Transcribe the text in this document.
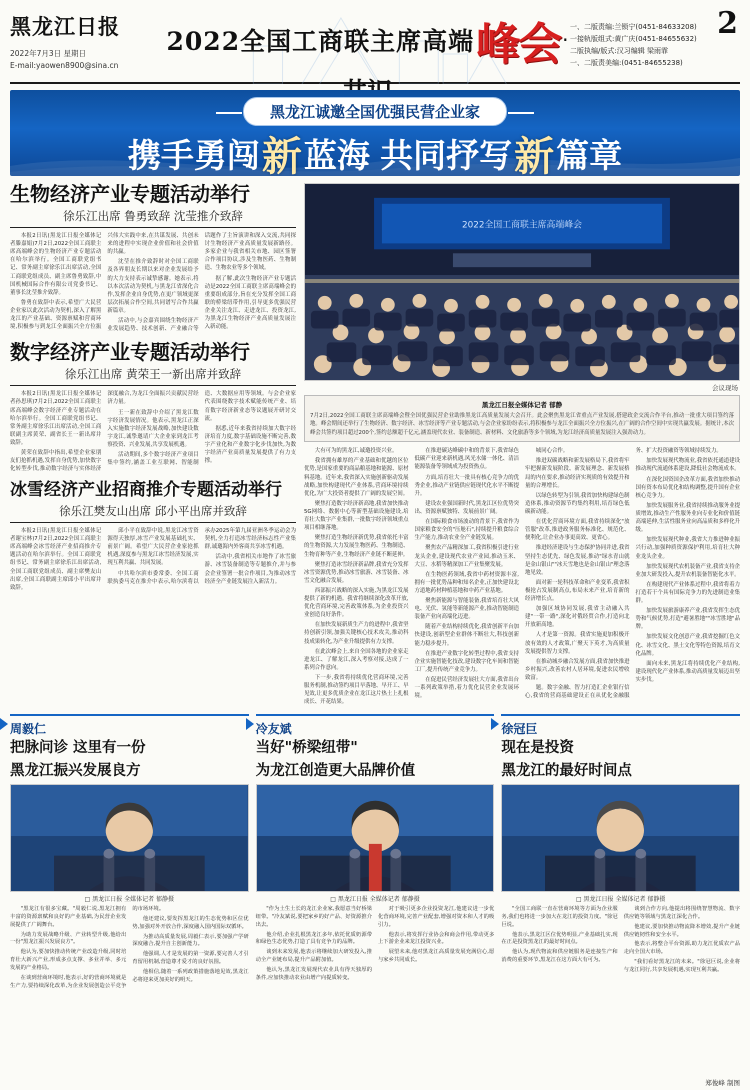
黑龙江日报
2022年7月3日 星期日
E-mail:yaowen8900@sina.cn
2022全国工商联主席高端峰会 ·
一、二版责编:兰锁宁(0451-84633208)
一接轨版组式:黄广庆(0451-84655632)
二版执编/版式:汉习编辑 梁雨霏
一、二版责美编:(0451-84655238)
2
黑龙江诚邀全国优强民营企业家
携手勇闯新蓝海 共同抒写新篇章
生物经济产业专题活动举行
徐乐江出席 鲁勇致辞 沈莹推介致辞

本报2日讯(黑龙江日报全媒体记者滕嘉娟)7月2日,2022全国工商联主席高端峰会的生物经济产业专题活动在哈尔滨举行。全国工商联党组书记、常务副主席徐乐江出席活动,全国工商联党组成员、副主席鲁勇致辞,中国机械国际合作有限公司党委书记、董事长沈莹推介致辞。

鲁勇在致辞中表示,希望广大民营企业家以此次活动为契机,深入了解黑龙江的产业基础、资源禀赋和营商环境,积极参与到龙江全面振兴全方位振兴伟大实践中来,在共谋发展、共创未来的进程中实现企业价值和社会价值的共赢。

沈莹在推介致辞时对全国工商联及各界朋友长期以来对企业发展给予的大力支持表示诚挚感谢。她表示,将以本次活动为契机,与黑龙江省深化合作,发挥企业自身优势,在更广领域更深层次拓展合作空间,共同谱写合作共赢新篇章。

活动中,与会嘉宾围绕生物经济产业发展趋势、技术创新、产业融合等话题作了主旨演讲和深入交流,共同探讨生物经济产业高质量发展新路径。多家企业与我省相关市地、园区签署合作项目协议,涉及生物医药、生物制造、生物农业等多个领域。

据了解,此次生物经济产业专题活动是2022全国工商联主席高端峰会的重要组成部分,旨在充分发挥全国工商联的桥梁纽带作用,引导更多优强民营企业关注龙江、走进龙江、投资龙江,为黑龙江生物经济产业高质量发展注入新动能。

数字经济产业专题活动举行
徐乐江出席 黄荣王一新出席并致辞

本报2日讯(黑龙江日报全媒体记者孙思琪)7月2日,2022全国工商联主席高端峰会数字经济产业专题活动在哈尔滨举行。全国工商联党组书记、常务副主席徐乐江出席活动,全国工商联副主席黄荣、副省长王一新出席并致辞。

黄荣在致辞中指出,希望企业家朋友们抢抓机遇,发挥自身优势,加快数字化转型步伐,推动数字经济与实体经济深度融合,为龙江全面振兴贡献民营经济力量。

王一新在致辞中介绍了黑龙江数字经济发展情况。他表示,黑龙江正深入实施数字经济发展战略,加快建设数字龙江,诚挚邀请广大企业家到龙江考察投资、兴业发展,共享发展机遇。

活动期间,多个数字经济产业项目集中签约,涵盖工业互联网、智能制造、大数据应用等领域。与会企业家代表围绕数字技术赋能传统产业、培育数字经济新业态等议题展开研讨交流。

据悉,近年来我省持续加大数字经济培育力度,数字基础设施不断完善,数字产业化和产业数字化步伐加快,为数字经济产业高质量发展提供了有力支撑。

冰雪经济产业招商推介专题活动举行
徐乐江樊友山出席 邱小平出席并致辞

本报2日讯(黑龙江日报全媒体记者谢宝林)7月2日,2022全国工商联主席高端峰会冰雪经济产业招商推介专题活动在哈尔滨举行。全国工商联党组书记、常务副主席徐乐江出席活动,全国工商联党组成员、副主席樊友山出席,全国工商联副主席邱小平出席并致辞。

邱小平在致辞中说,黑龙江冰雪资源得天独厚,冰雪产业发展基础扎实、前景广阔。希望广大民营企业家抢抓机遇,深度参与黑龙江冰雪经济发展,实现互利共赢、共同发展。

中共哈尔滨市委常委、全国工商联执委马克在推介中表示,哈尔滨将以承办2025年第九届亚洲冬季运动会为契机,全力打造冰雪经济标志性产业集群,诚邀海内外客商共享冰雪机遇。

活动中,我省相关市地作了冰雪旅游、冰雪装备制造等专题推介,并与参会企业签署一批合作项目,为推动冰雪经济全产业链发展注入新活力。

2022全国工商联主席高端峰会
会议现场
黑龙江日报全媒体记者 郁静
7月2日,2022全国工商联主席高端峰会暨全国优强民营企业助推黑龙江高质量发展大会召开。此会聚焦黑龙江省重点产业发展,搭建政企交流合作平台,推动一批重大项目签约落地。峰会期间还举行了生物经济、数字经济、冰雪经济等产业专题活动,与会企业家纷纷表示,将积极参与龙江全面振兴全方位振兴,在广阔的合作空间中实现共赢发展。据统计,本次峰会共签约项目超过200个,签约总额超千亿元,涵盖现代农业、装备制造、新材料、文化旅游等多个领域,为龙江经济高质量发展注入强劲动力。

大有可为的黑龙江,诚邀投资兴业。

我省拥有雄厚的产业基础和优越的区位优势,是国家重要的商品粮基地和能源、原材料基地。近年来,我省深入实施创新驱动发展战略,加快构建现代产业体系,营商环境持续优化,为广大投资者提供了广阔的发展空间。

聚焦打造数字经济新高地,我省加快推动5G网络、数据中心等新型基础设施建设,培育壮大数字产业集群,一批数字经济领域重点项目相继落地。

聚焦打造生物经济新优势,我省依托丰富的生物资源,大力发展生物医药、生物制造、生物育种等产业,生物经济产业链不断延伸。

聚焦打造冰雪经济新品牌,我省充分发挥冰雪资源优势,推动冰雪旅游、冰雪装备、冰雪文化融合发展。

西部振兴战略的深入实施,为黑龙江发展提供了新的机遇。我省将继续深化改革开放,优化营商环境,完善政策体系,为企业投资兴业创造良好条件。

在加快发展新质生产力的进程中,我省坚持创新引领,加强关键核心技术攻关,推动科技成果转化,为产业升级提供有力支撑。

在此次峰会上,来自全国各地的企业家走进龙江、了解龙江,深入考察对接,达成了一系列合作意向。

下一步,我省将持续优化营商环境,完善服务机制,推动签约项目早落地、早开工、早见效,让更多优质企业在龙江这片热土上扎根成长、开花结果。

在推进碳达峰碳中和的背景下,我省绿色低碳产业迎来新机遇,风光水储一体化、清洁能源装备等领域成为投资热点。

方面,培育壮大一批具有核心竞争力的优秀企业,推动产业链供应链现代化水平不断提升。

建设农业强国新时代,黑龙江区位优势突出、资源禀赋独特、发展前景广阔。

在国际粮食市场波动的背景下,我省作为国家粮食安全的"压舱石",持续提升粮食综合生产能力,推动农业全产业链发展。

聚焦农产品精深加工,我省积极引进行业龙头企业,建设现代农业产业园,推动玉米、大豆、水稻等精深加工产业集聚发展。

在生物医药领域,我省中药材资源丰富,拥有一批优势品种和知名企业,正加快建设北方道地药材种植基地和中药产业基地。

聚焦新能源与智能装备,我省培育壮大风电、光伏、氢能等新能源产业,推动智能制造装备产业向高端化迈进。

随着产业结构持续优化,我省创新平台加快建设,创新型企业群体不断壮大,科技创新能力稳步提升。

在推进产业数字化转型过程中,我省支持企业实施智能化技改,建设数字化车间和智能工厂,提升传统产业竞争力。

在促进民营经济发展壮大方面,我省出台一系列政策举措,着力优化民营企业发展环境。

城同心合作。

推进双碳战略和新发展格局下,我省将牢牢把握新发展阶段、新发展理念、新发展格局的内在要求,推动经济实现质的有效提升和量的合理增长。

以绿色转型为引领,我省加快构建绿色制造体系,推动资源节约集约利用,培育绿色低碳新动能。

在优化营商环境方面,我省持续深化"放管服"改革,推进政务服务标准化、规范化、便利化,让企业办事更高效、更省心。

推进经济建设与生态保护协同并进,我省坚持生态优先、绿色发展,推动"绿水青山就是金山银山""冰天雪地也是金山银山"理念落地见效。

面对新一轮科技革命和产业变革,我省积极抢占发展制高点,布局未来产业,培育新的经济增长点。

加强区域协同发展,我省主动融入共建"一带一路",深化对俄经贸合作,打造向北开放新高地。

人才是第一资源。我省实施更加积极开放有效的人才政策,广聚天下英才,为高质量发展提供智力支撑。

在推动城乡融合发展方面,我省加快推进乡村振兴,改善农村人居环境,促进农民增收致富。

题。数字金融、智力打造汇企业银行信心,我省的营商基础建设正在从优化金融服务、扩大投资融资等领域持续发力。

加快发展现代物流业,我省依托通道建设推动现代流通体系建设,降低社会物流成本。

在深化国资国企改革方面,我省加快推动国有资本布局优化和结构调整,提升国有企业核心竞争力。

加快发展服务业,我省持续推动服务业提质增效,推动生产性服务业向专业化和价值链高端延伸,生活性服务业向高品质和多样化升级。

加快发展现代种业,我省大力推进种业振兴行动,加强种质资源保护利用,培育壮大种业龙头企业。

加快发展现代农机装备产业,我省支持企业加大研发投入,提升农机装备智能化水平。

在构建现代产业体系过程中,我省将着力打造若干个具有国际竞争力的先进制造业集群。

加快发展旅游康养产业,我省发挥生态优势和气候优势,打造"避暑胜地""冰雪胜地"品牌。

加快发展文化创意产业,我省挖掘红色文化、冰雪文化、黑土文化等特色资源,培育文化品牌。

面向未来,黑龙江将持续优化产业结构,建设现代化产业体系,推动高质量发展迈出坚实步伐。

周毅仁
把脉问诊 这里有一份
黑龙江振兴发展良方
□ 黑龙江日报 全媒体记者 郁静摄

"黑龙江有很多宝藏。"周毅仁说,黑龙江拥有丰富的资源禀赋和良好的产业基础,为民营企业发展提供了广阔舞台。

为助力发展战略升级、产业转型升级,他给出一份"黑龙江振兴发展良方"。

他认为,要加快推动传统产业改造升级,同时培育壮大新兴产业,形成多点支撑、多业并举、多元发展的产业格局。

在谈到营商环境时,他表示,好的营商环境就是生产力,要持续深化改革,为企业发展创造公平竞争的市场环境。

他还建议,要发挥黑龙江的生态优势和区位优势,加强对外开放合作,深度融入国内国际双循环。

为推动高质量发展,周毅仁表示,要加强产学研深度融合,提升自主创新能力。

他强调,人才是发展的第一资源,要完善人才引育留用机制,营造尊才爱才的良好氛围。

他相信,随着一系列政策措施落地见效,黑龙江必将迎来更加美好的明天。

冷友斌
当好"桥梁纽带"
为龙江创造更大品牌价值
□ 黑龙江日报 全媒体记者 郁静摄

"作为土生土长的龙江企业家,我愿意当好桥梁纽带。"冷友斌说,要把家乡的好产品、好资源推介出去。

他介绍,企业扎根黑龙江多年,依托优质奶源带和绿色生态优势,打造了具有竞争力的品牌。

谈到未来发展,他表示将继续加大研发投入,推动全产业链布局,提升产品附加值。

他认为,黑龙江发展现代农业具有得天独厚的条件,应加快推动农业由增产向提质转变。

对于吸引更多企业投资龙江,他建议进一步优化营商环境,完善产业配套,增强对资本和人才的吸引力。

他表示,将发挥行业协会和商会作用,带动更多上下游企业来龙江投资兴业。

展望未来,他对黑龙江高质量发展充满信心,愿与家乡共同成长。

徐冠巨
现在是投资
黑龙江的最好时间点
□ 黑龙江日报 全媒体记者 郁静摄

"全国工商联一直在营商环境等方面为企业服务,我们也将进一步加大在龙江的投资力度。"徐冠巨说。

他表示,黑龙江区位优势明显,产业基础扎实,现在正是投资黑龙江的最好时间点。

他认为,现代物流和供应链服务是连接生产和消费的重要环节,黑龙江在这方面大有可为。

谈到合作方向,他提出将围绕智慧物流、数字供应链等领域与黑龙江深化合作。

他建议,要加快推动物流降本增效,提升产业链供应链韧性和安全水平。

他表示,将整合平台资源,助力龙江优质农产品走向全国大市场。

"我们看好黑龙江的未来。"徐冠巨说,企业将与龙江同行,共享发展机遇,实现互利共赢。

郑俊峰 制图
